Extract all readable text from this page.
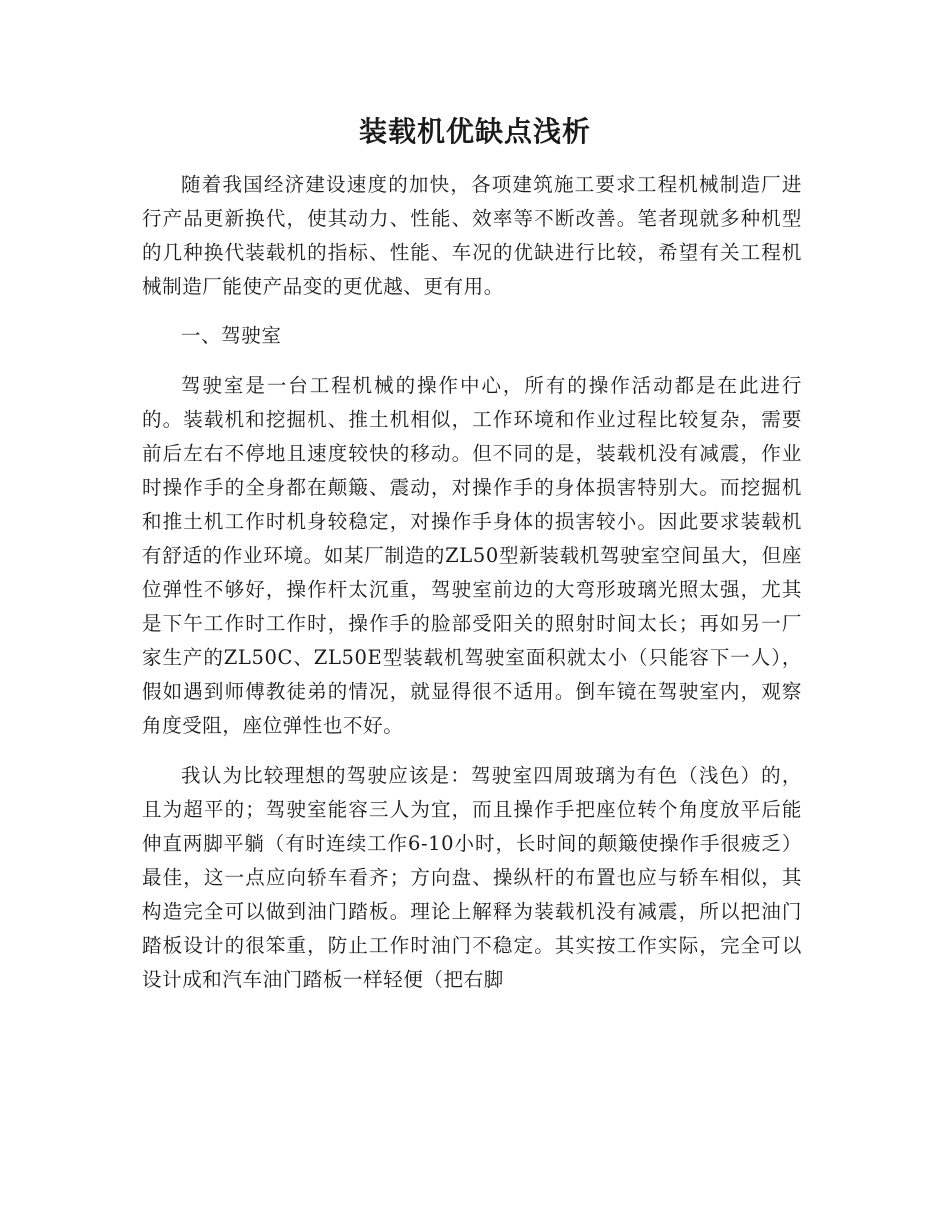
装载机优缺点浅析

随着我国经济建设速度的加快，各项建筑施工要求工程机械制造厂进行产品更新换代，使其动力、性能、效率等不断改善。笔者现就多种机型的几种换代装载机的指标、性能、车况的优缺进行比较，希望有关工程机械制造厂能使产品变的更优越、更有用。

一、驾驶室

驾驶室是一台工程机械的操作中心，所有的操作活动都是在此进行的。装载机和挖掘机、推土机相似，工作环境和作业过程比较复杂，需要前后左右不停地且速度较快的移动。但不同的是，装载机没有减震，作业时操作手的全身都在颠簸、震动，对操作手的身体损害特别大。而挖掘机和推土机工作时机身较稳定，对操作手身体的损害较小。因此要求装载机有舒适的作业环境。如某厂制造的ZL50型新装载机驾驶室空间虽大，但座位弹性不够好，操作杆太沉重，驾驶室前边的大弯形玻璃光照太强，尤其是下午工作时工作时，操作手的脸部受阳关的照射时间太长；再如另一厂家生产的ZL50C、ZL50E型装载机驾驶室面积就太小（只能容下一人），假如遇到师傅教徒弟的情况，就显得很不适用。倒车镜在驾驶室内，观察角度受阻，座位弹性也不好。

我认为比较理想的驾驶应该是：驾驶室四周玻璃为有色（浅色）的，且为超平的；驾驶室能容三人为宜，而且操作手把座位转个角度放平后能伸直两脚平躺（有时连续工作6-10小时，长时间的颠簸使操作手很疲乏）最佳，这一点应向轿车看齐；方向盘、操纵杆的布置也应与轿车相似，其构造完全可以做到油门踏板。理论上解释为装载机没有减震，所以把油门踏板设计的很笨重，防止工作时油门不稳定。其实按工作实际，完全可以设计成和汽车油门踏板一样轻便（把右脚
